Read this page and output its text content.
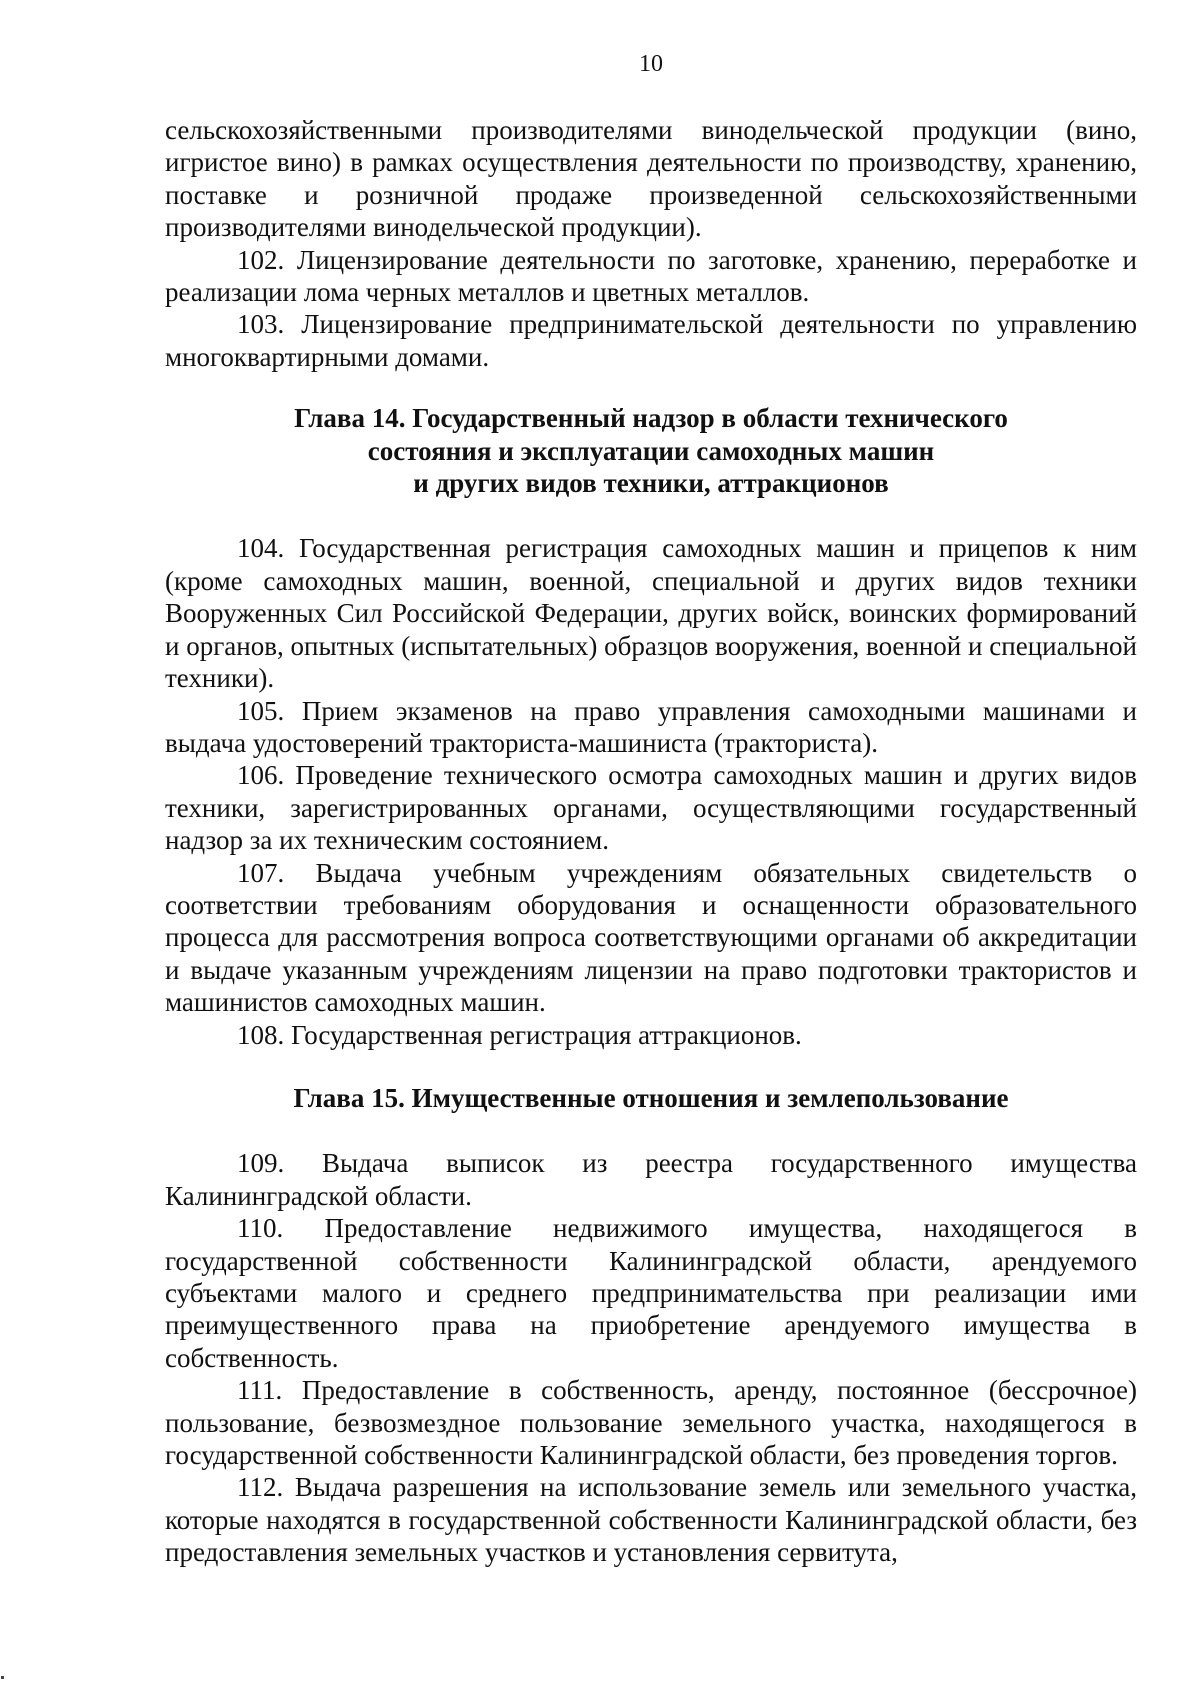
10

сельскохозяйственными производителями винодельческой продукции (вино, игристое вино) в рамках осуществления деятельности по производству, хранению, поставке и розничной продаже произведенной сельскохозяйственными производителями винодельческой продукции).

102. Лицензирование деятельности по заготовке, хранению, переработке и реализации лома черных металлов и цветных металлов.

103. Лицензирование предпринимательской деятельности по управлению многоквартирными домами.

Глава 14. Государственный надзор в области технического
состояния и эксплуатации самоходных машин
и других видов техники, аттракционов

104. Государственная регистрация самоходных машин и прицепов к ним (кроме самоходных машин, военной, специальной и других видов техники Вооруженных Сил Российской Федерации, других войск, воинских формирований и органов, опытных (испытательных) образцов вооружения, военной и специальной техники).

105. Прием экзаменов на право управления самоходными машинами и выдача удостоверений тракториста-машиниста (тракториста).

106. Проведение технического осмотра самоходных машин и других видов техники, зарегистрированных органами, осуществляющими государственный надзор за их техническим состоянием.

107. Выдача учебным учреждениям обязательных свидетельств о соответствии требованиям оборудования и оснащенности образовательного процесса для рассмотрения вопроса соответствующими органами об аккредитации и выдаче указанным учреждениям лицензии на право подготовки трактористов и машинистов самоходных машин.

108. Государственная регистрация аттракционов.

Глава 15. Имущественные отношения и землепользование

109. Выдача выписок из реестра государственного имущества Калининградской области.

110. Предоставление недвижимого имущества, находящегося в государственной собственности Калининградской области, арендуемого субъектами малого и среднего предпринимательства при реализации ими преимущественного права на приобретение арендуемого имущества в собственность.

111. Предоставление в собственность, аренду, постоянное (бессрочное) пользование, безвозмездное пользование земельного участка, находящегося в государственной собственности Калининградской области, без проведения торгов.

112. Выдача разрешения на использование земель или земельного участка, которые находятся в государственной собственности Калининградской области, без предоставления земельных участков и установления сервитута,
